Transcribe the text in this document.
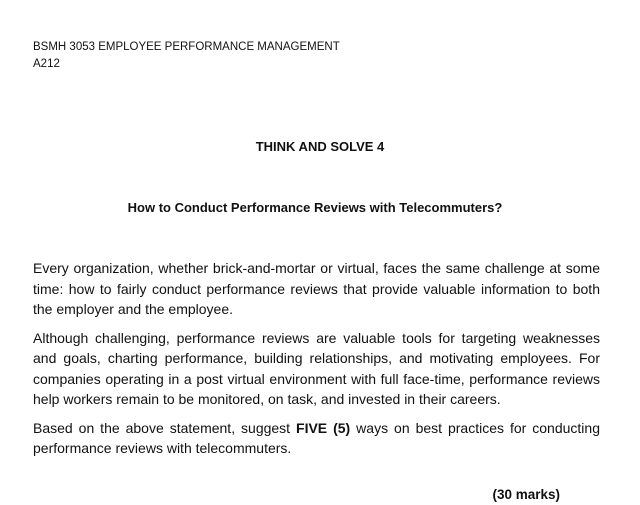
BSMH 3053 EMPLOYEE PERFORMANCE MANAGEMENT
A212
THINK AND SOLVE 4
How to Conduct Performance Reviews with Telecommuters?

Every organization, whether brick-and-mortar or virtual, faces the same challenge at some time: how to fairly conduct performance reviews that provide valuable information to both the employer and the employee.

Although challenging, performance reviews are valuable tools for targeting weaknesses and goals, charting performance, building relationships, and motivating employees. For companies operating in a post virtual environment with full face-time, performance reviews help workers remain to be monitored, on task, and invested in their careers.

Based on the above statement, suggest FIVE (5) ways on best practices for conducting performance reviews with telecommuters.

(30 marks)
